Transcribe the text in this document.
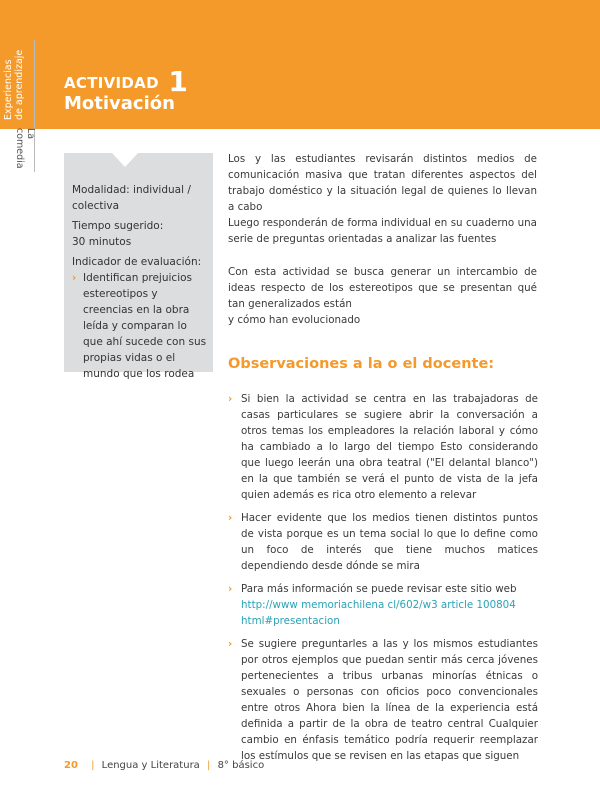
Experiencias de aprendizaje
La comedia
ACTIVIDAD 1
Motivación
Modalidad: individual / colectiva
Tiempo sugerido:
30 minutos
Indicador de evaluación:
› Identifican prejuicios estereotipos y creencias en la obra leída y comparan lo que ahí sucede con sus propias vidas o el mundo que los rodea
Los y las estudiantes revisarán distintos medios de comunicación masiva que tratan diferentes aspectos del trabajo doméstico y la situación legal de quienes lo llevan a cabo
Luego responderán de forma individual en su cuaderno una serie de preguntas orientadas a analizar las fuentes
Con esta actividad se busca generar un intercambio de ideas respecto de los estereotipos que se presentan qué tan generalizados están
y cómo han evolucionado
Observaciones a la o el docente:
› Si bien la actividad se centra en las trabajadoras de casas particulares se sugiere abrir la conversación a otros temas los empleadores la relación laboral y cómo ha cambiado a lo largo del tiempo Esto considerando que luego leerán una obra teatral ("El delantal blanco") en la que también se verá el punto de vista de la jefa quien además es rica otro elemento a relevar
› Hacer evidente que los medios tienen distintos puntos de vista porque es un tema social lo que lo define como un foco de interés que tiene muchos matices dependiendo desde dónde se mira
› Para más información se puede revisar este sitio web http://www memoriachilena cl/602/w3 article 100804 html#presentacion
› Se sugiere preguntarles a las y los mismos estudiantes por otros ejemplos que puedan sentir más cerca jóvenes pertenecientes a tribus urbanas minorías étnicas o sexuales o personas con oficios poco convencionales entre otros Ahora bien la línea de la experiencia está definida a partir de la obra de teatro central Cualquier cambio en énfasis temático podría requerir reemplazar los estímulos que se revisen en las etapas que siguen
20 | Lengua y Literatura | 8° básico
